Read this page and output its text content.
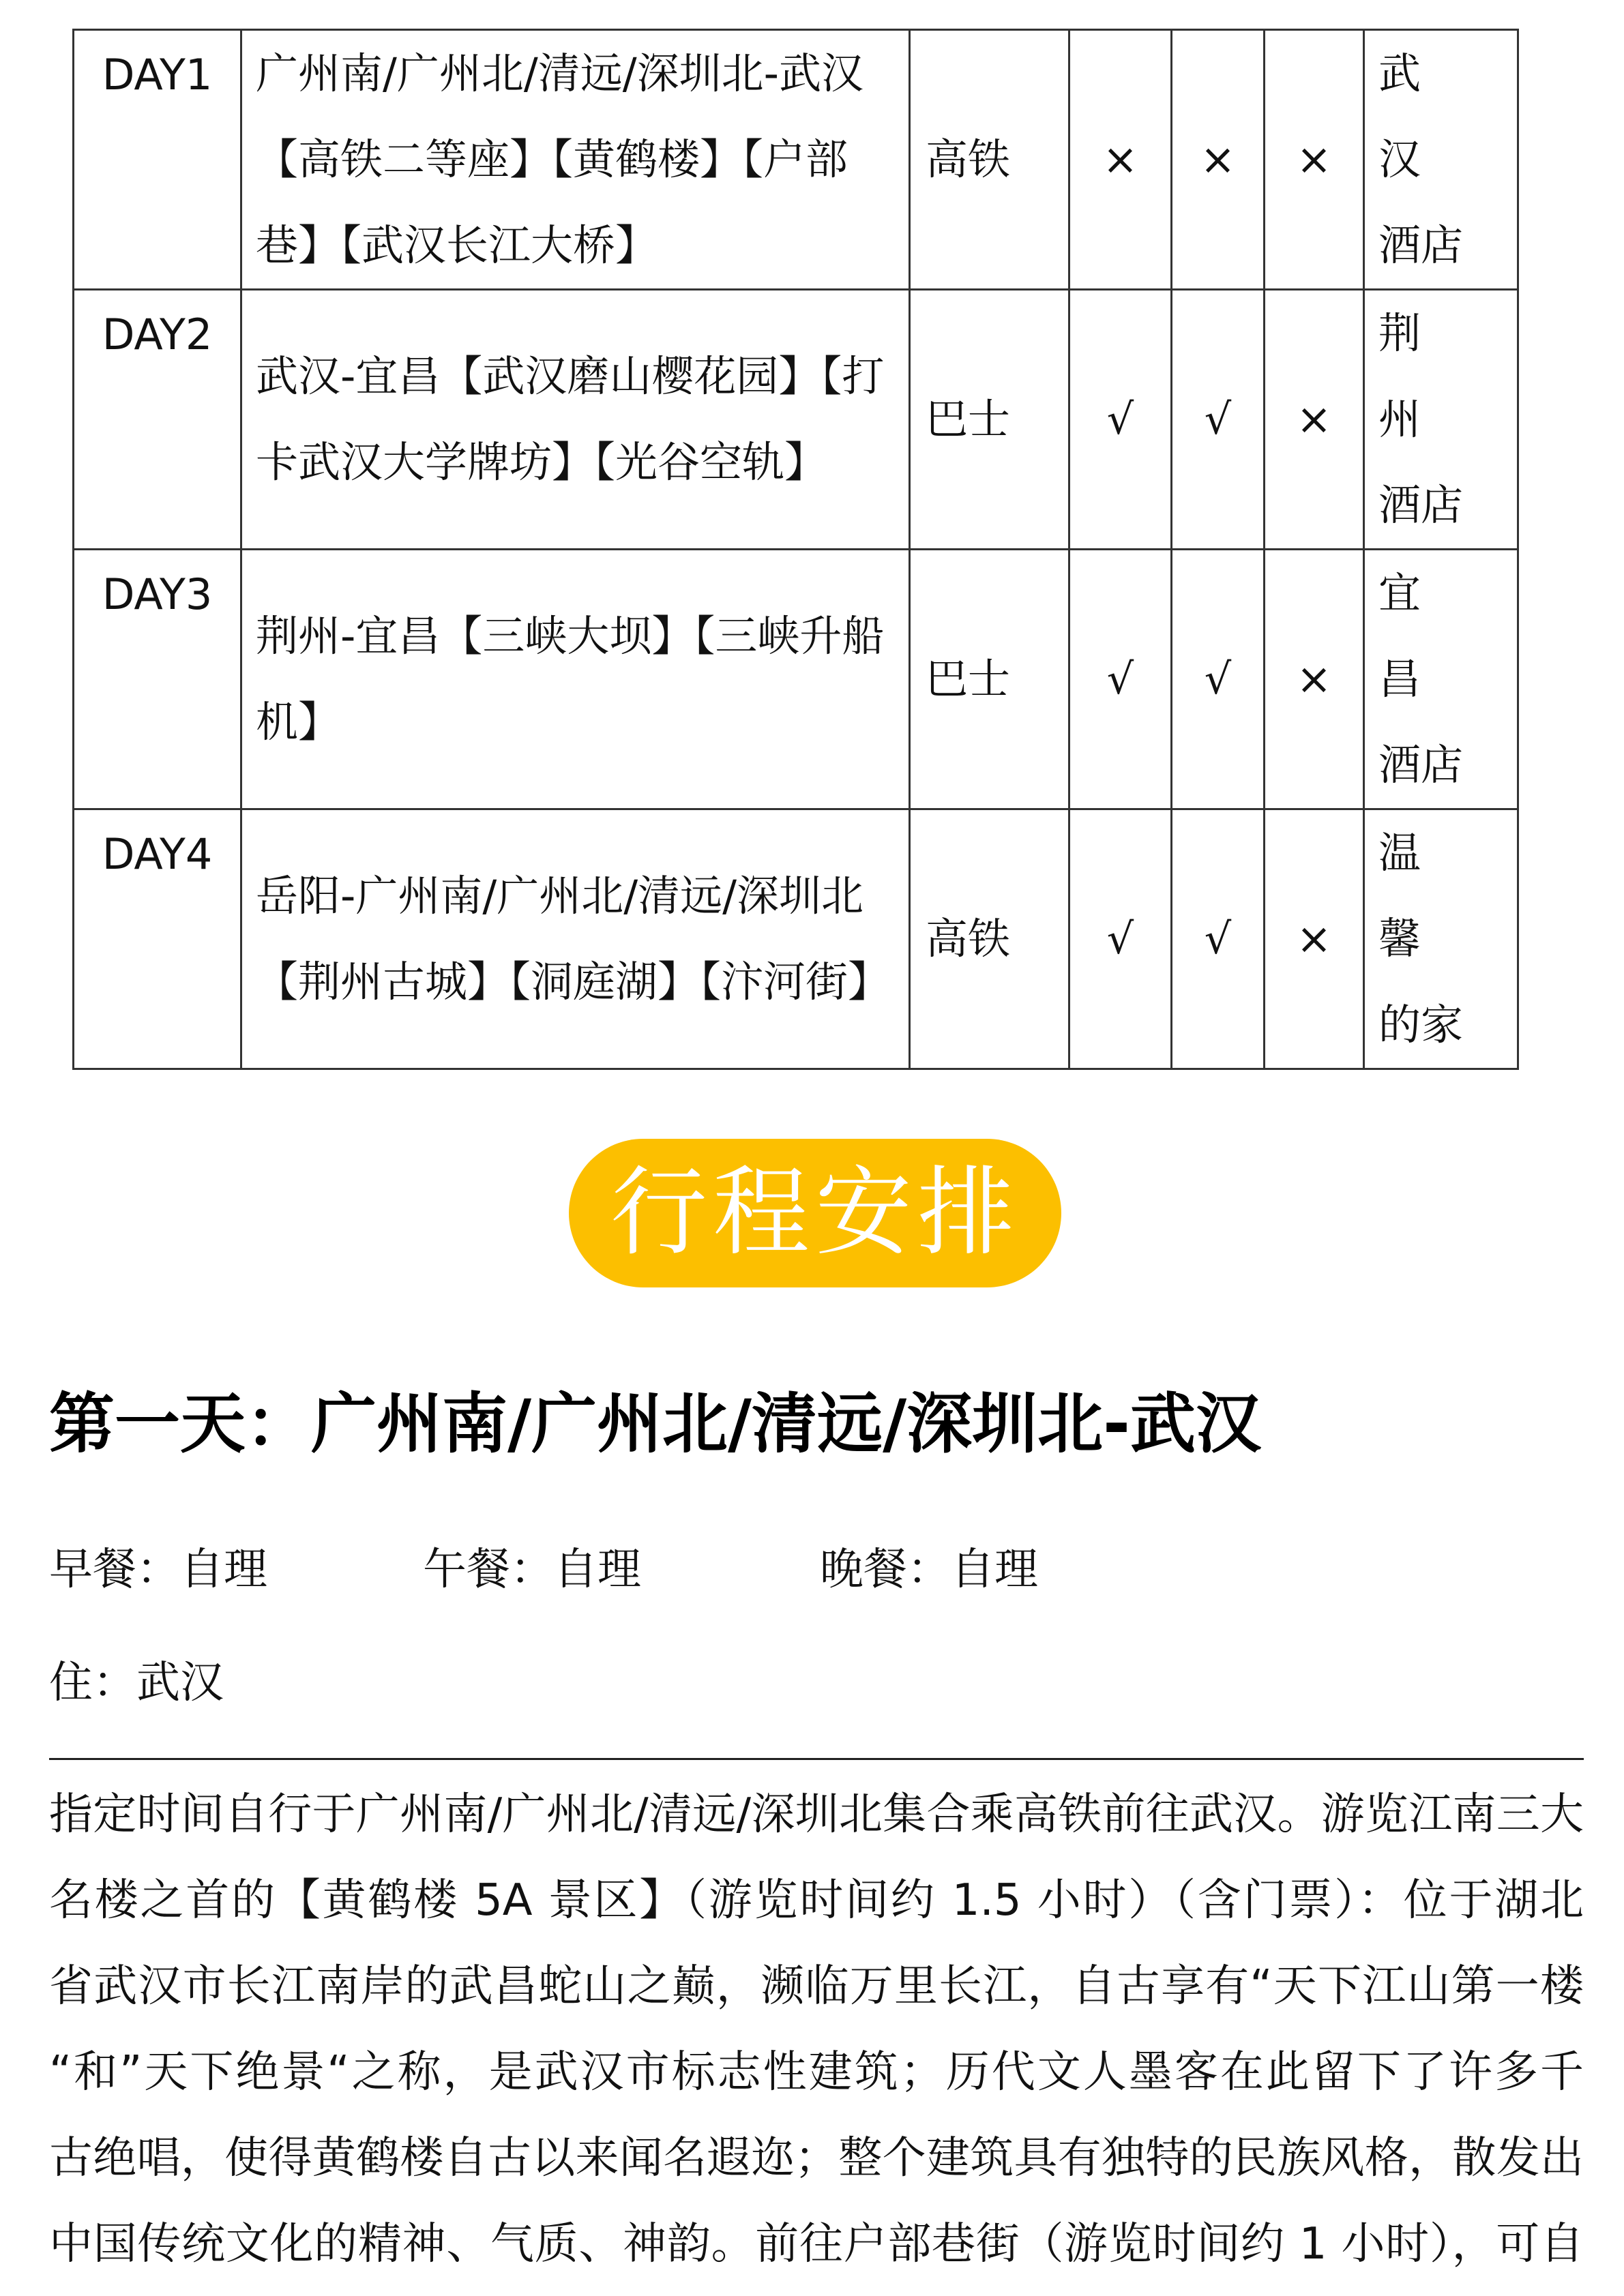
DAY1	广州南/广州北/清远/深圳北-武汉【高铁二等座】【黄鹤楼】【户部巷】【武汉长江大桥】	高铁	×	×	×	武　汉
酒店

DAY2	武汉-宜昌【武汉磨山樱花园】【打卡武汉大学牌坊】【光谷空轨】	巴士	√	√	×	荆　州
酒店

DAY3	荆州-宜昌【三峡大坝】【三峡升船机】	巴士	√	√	×	宜　昌
酒店

DAY4	岳阳-广州南/广州北/清远/深圳北【荆州古城】【洞庭湖】【汴河街】	高铁	√	√	×	温　馨
的家
行程安排
第一天：广州南/广州北/清远/深圳北-武汉
早餐：自理	午餐：自理	晚餐：自理
住：武汉
指定时间自行于广州南/广州北/清远/深圳北集合乘高铁前往武汉。游览江南三大
名楼之首的【黄鹤楼 5A 景区】（游览时间约 1.5 小时）（含门票）：位于湖北
省武汉市长江南岸的武昌蛇山之巅，濒临万里长江，自古享有“天下江山第一楼
“和”天下绝景“之称，是武汉市标志性建筑；历代文人墨客在此留下了许多千
古绝唱，使得黄鹤楼自古以来闻名遐迩；整个建筑具有独特的民族风格，散发出
中国传统文化的精神、气质、神韵。前往户部巷街（游览时间约 1 小时），可自
